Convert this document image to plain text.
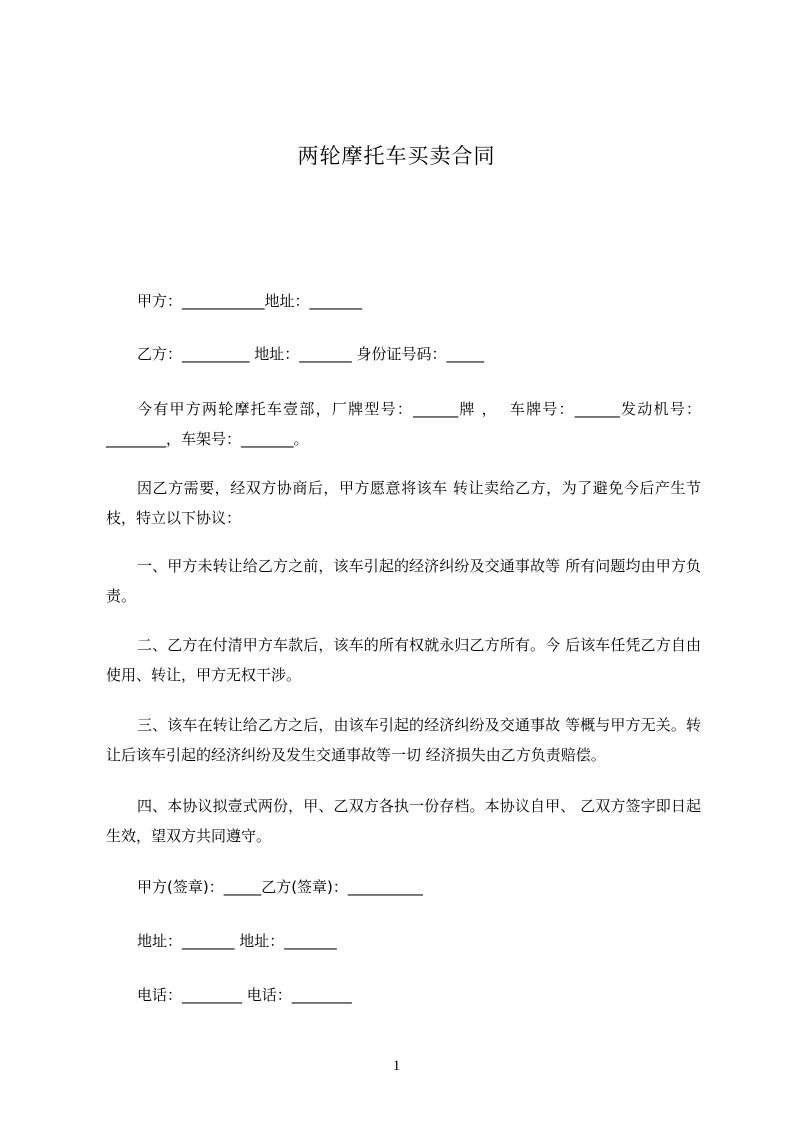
两轮摩托车买卖合同

甲方：___________地址：_______

乙方：_________ 地址：_______ 身份证号码：_____

今有甲方两轮摩托车壹部，厂牌型号：______牌 ，  车牌号：______发动机号：________，车架号：_______。

因乙方需要，经双方协商后，甲方愿意将该车 转让卖给乙方，为了避免今后产生节枝，特立以下协议：

一、甲方未转让给乙方之前，该车引起的经济纠纷及交通事故等 所有问题均由甲方负责。

二、乙方在付清甲方车款后，该车的所有权就永归乙方所有。今 后该车任凭乙方自由使用、转让，甲方无权干涉。

三、该车在转让给乙方之后，由该车引起的经济纠纷及交通事故 等概与甲方无关。转让后该车引起的经济纠纷及发生交通事故等一切 经济损失由乙方负责赔偿。

四、本协议拟壹式两份，甲、乙双方各执一份存档。本协议自甲、 乙双方签字即日起生效，望双方共同遵守。

甲方(签章)：_____乙方(签章)：__________

地址：_______ 地址：_______

电话：________ 电话：________

1
